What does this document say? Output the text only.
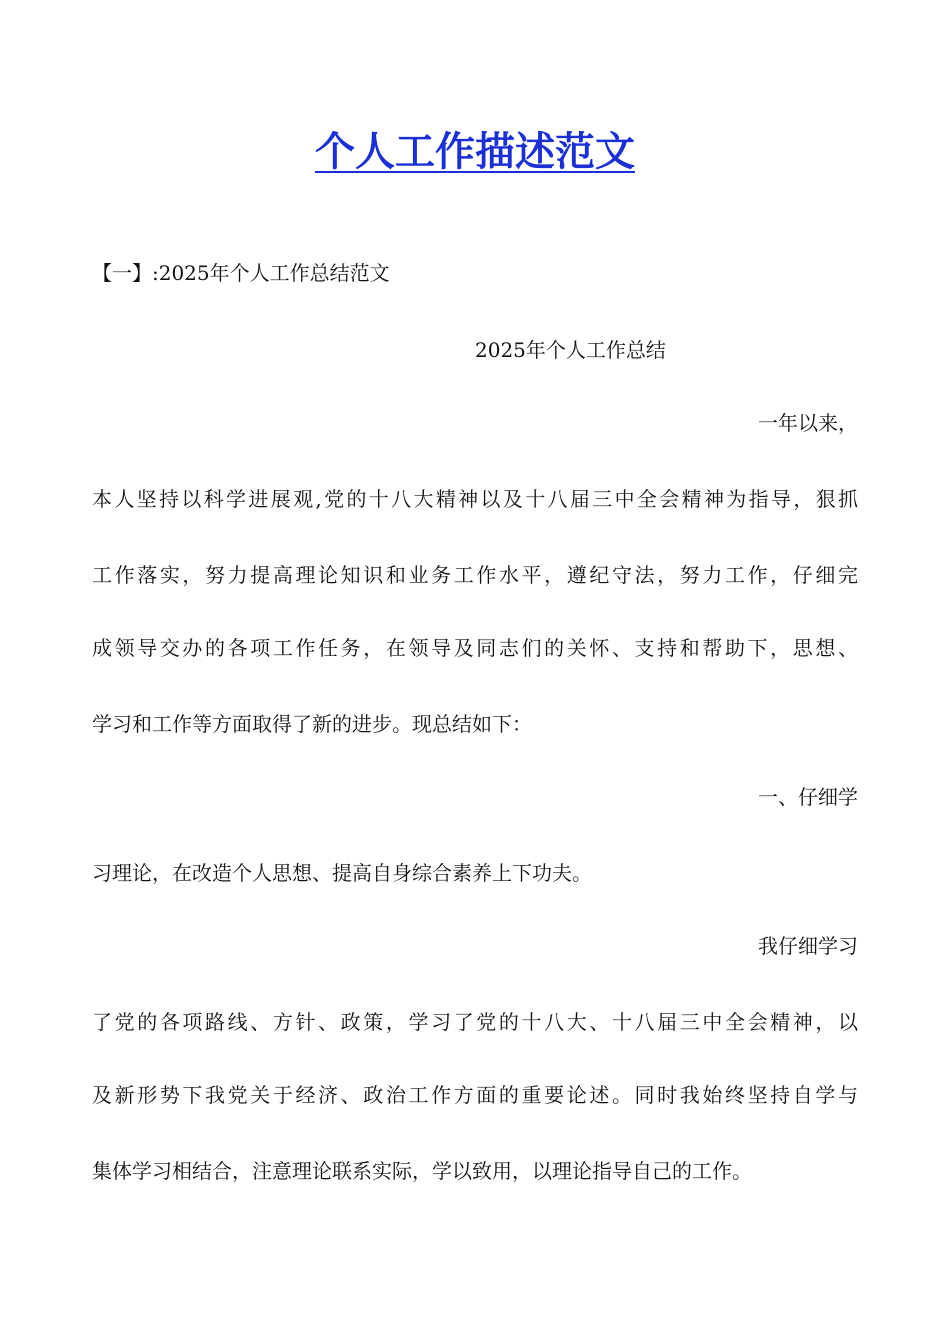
个人工作描述范文
【一】:2025年个人工作总结范文
2025年个人工作总结
一年以来，
本人坚持以科学进展观,党的十八大精神以及十八届三中全会精神为指导，狠抓
工作落实，努力提高理论知识和业务工作水平，遵纪守法，努力工作，仔细完
成领导交办的各项工作任务，在领导及同志们的关怀、支持和帮助下，思想、
学习和工作等方面取得了新的进步。现总结如下：
一、仔细学
习理论，在改造个人思想、提高自身综合素养上下功夫。
我仔细学习
了党的各项路线、方针、政策，学习了党的十八大、十八届三中全会精神，以
及新形势下我党关于经济、政治工作方面的重要论述。同时我始终坚持自学与
集体学习相结合，注意理论联系实际，学以致用，以理论指导自己的工作。
